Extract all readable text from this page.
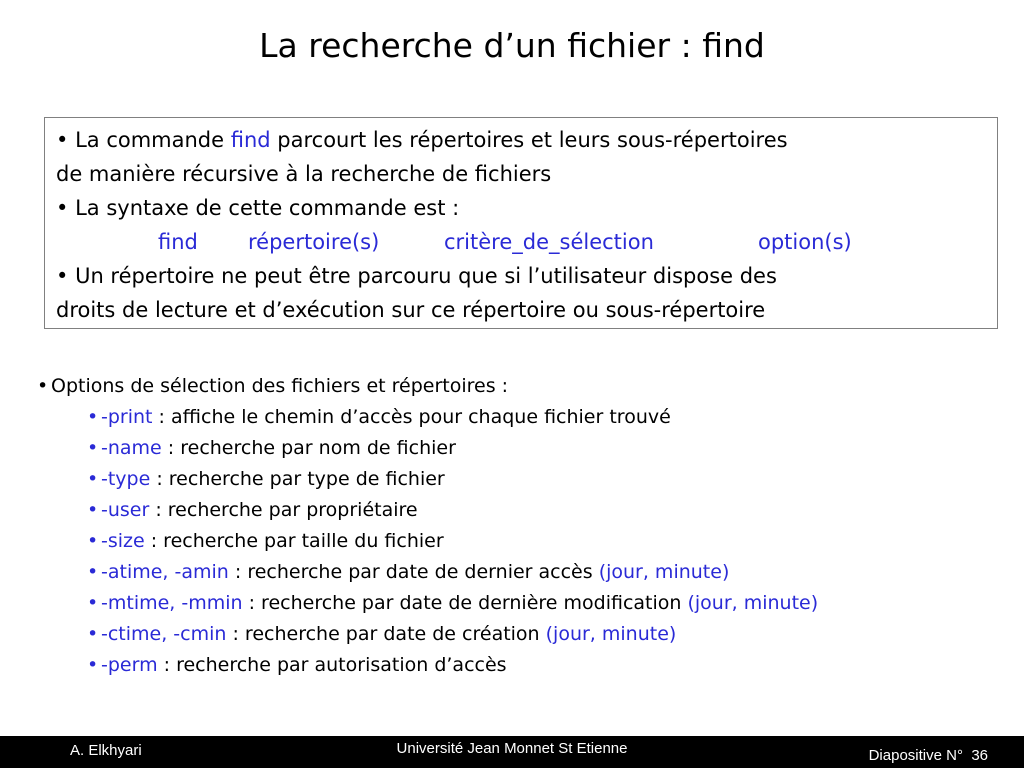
La recherche d’un fichier : find
• La commande find parcourt les répertoires et leurs sous-répertoires
de manière récursive à la recherche de fichiers
• La syntaxe de cette commande est :
find répertoire(s)	critère_de_sélection	option(s)
• Un répertoire ne peut être parcouru que si l’utilisateur dispose des
droits de lecture et d’exécution sur ce répertoire ou sous-répertoire
• Options de sélection des fichiers et répertoires :
• -print : affiche le chemin d’accès pour chaque fichier trouvé
• -name : recherche par nom de fichier
• -type : recherche par type de fichier
• -user : recherche par propriétaire
• -size : recherche par taille du fichier
• -atime, -amin : recherche par date de dernier accès (jour, minute)
• -mtime, -mmin : recherche par date de dernière modification (jour, minute)
• -ctime, -cmin : recherche par date de création (jour, minute)
• -perm : recherche par autorisation d’accès
A. Elkhyari	Université Jean Monnet St Etienne	Diapositive N° 36
